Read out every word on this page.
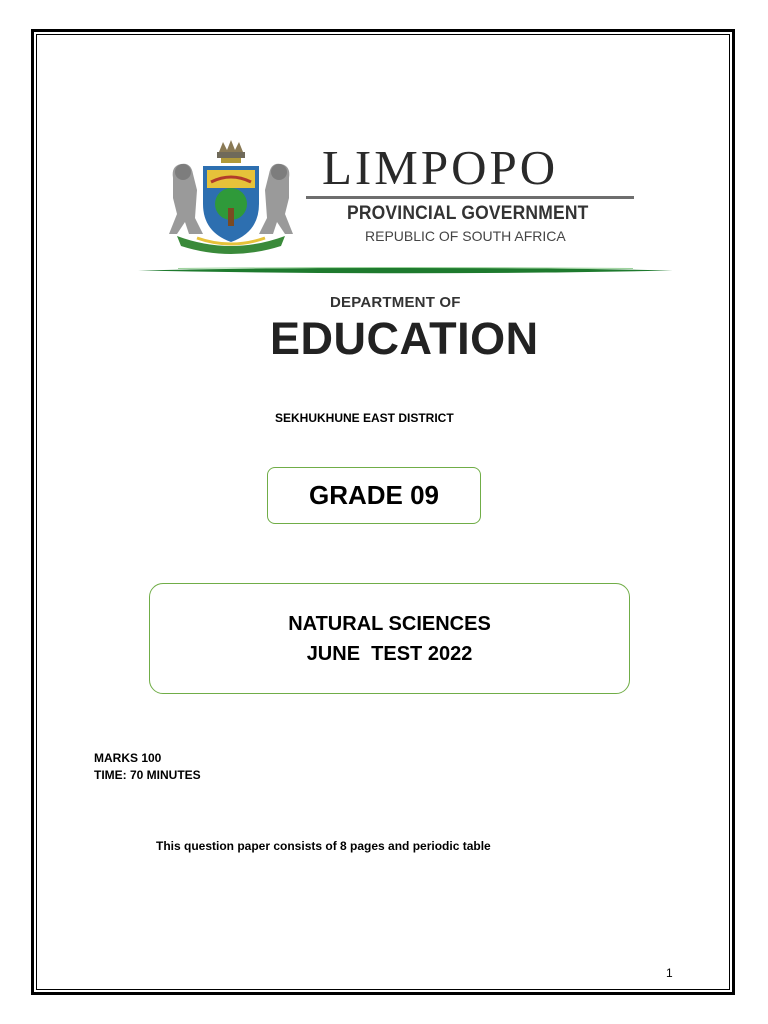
LIMPOPO
PROVINCIAL GOVERNMENT
REPUBLIC OF SOUTH AFRICA
DEPARTMENT OF
EDUCATION
SEKHUKHUNE EAST DISTRICT
GRADE 09
NATURAL SCIENCES
JUNE  TEST 2022
MARKS 100
TIME: 70 MINUTES
This question paper consists of 8 pages and periodic table
1
